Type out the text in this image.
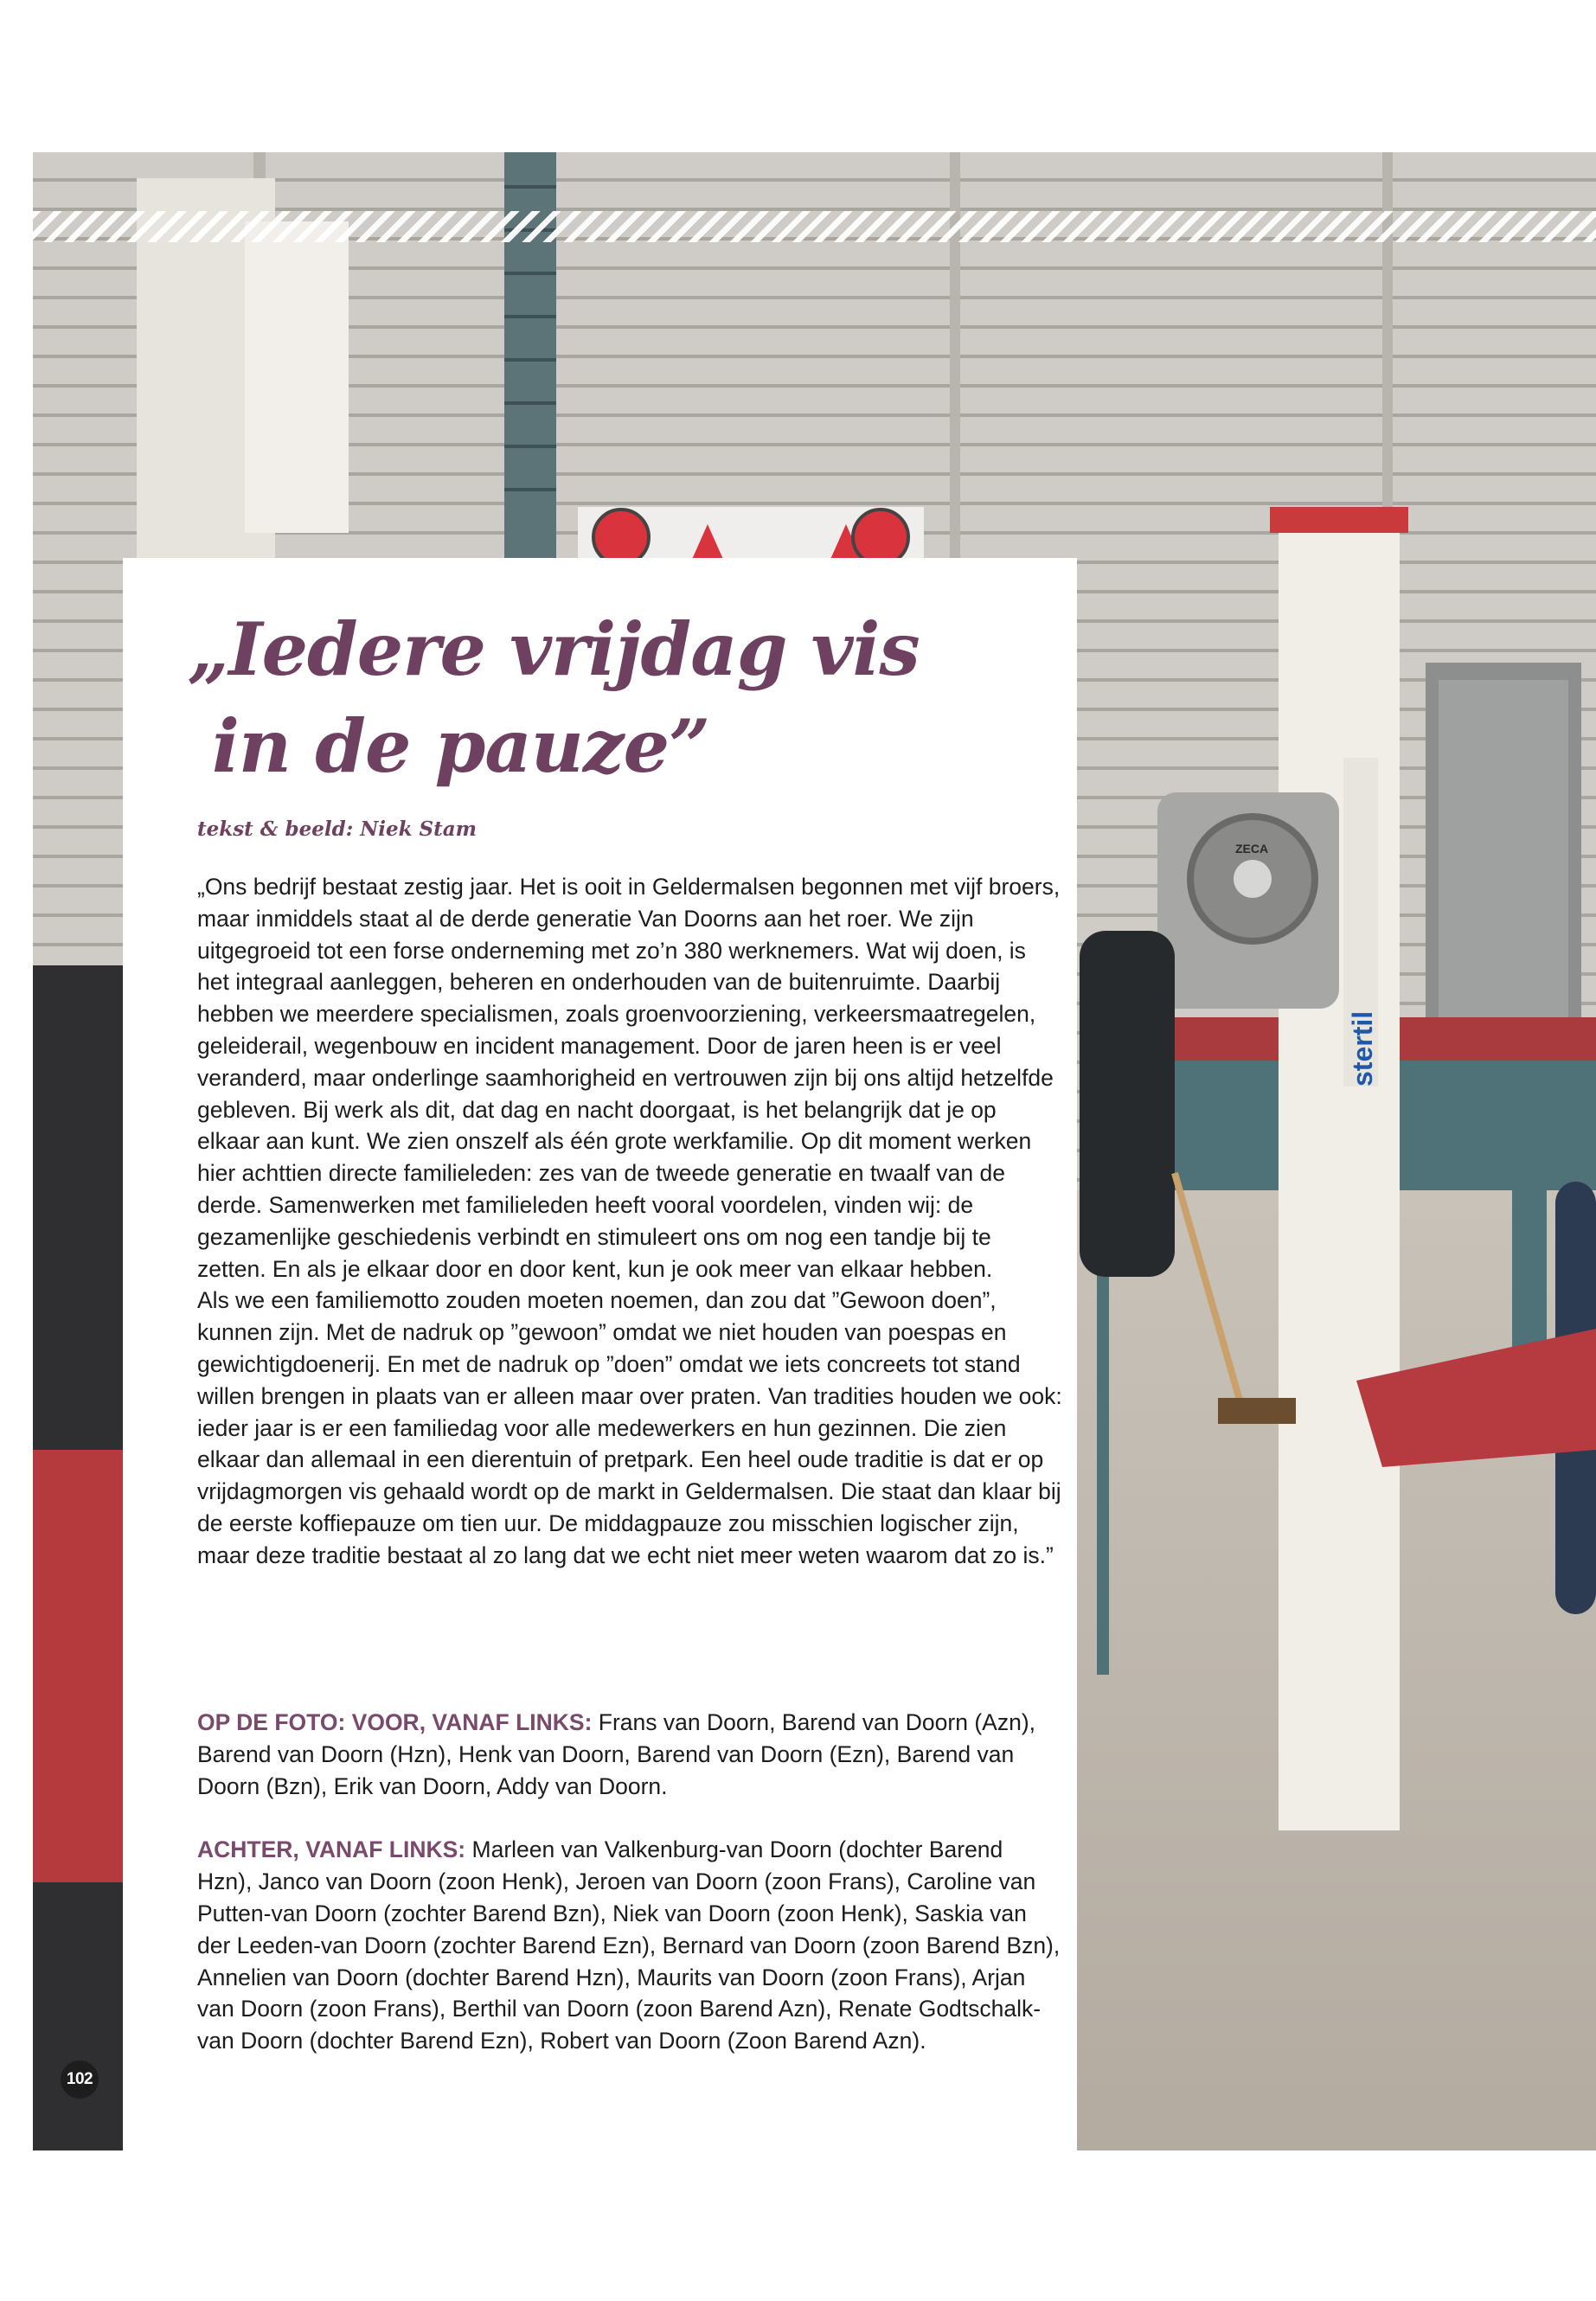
stertil
ZECA
„Iedere vrijdag vis
in de pauze”

tekst & beeld: Niek Stam

„Ons bedrijf bestaat zestig jaar. Het is ooit in Geldermalsen begonnen met vijf broers, maar inmiddels staat al de derde generatie Van Doorns aan het roer. We zijn uitgegroeid tot een forse onderneming met zo’n 380 werknemers. Wat wij doen, is het integraal aanleggen, beheren en onderhouden van de buitenruimte. Daarbij hebben we meerdere specialismen, zoals groenvoorziening, verkeersmaatregelen, geleiderail, wegenbouw en incident management. Door de jaren heen is er veel veranderd, maar onderlinge saamhorigheid en vertrouwen zijn bij ons altijd hetzelfde gebleven. Bij werk als dit, dat dag en nacht doorgaat, is het belangrijk dat je op elkaar aan kunt. We zien onszelf als één grote werkfamilie. Op dit moment werken hier achttien directe familieleden: zes van de tweede generatie en twaalf van de derde. Samenwerken met familieleden heeft vooral voordelen, vinden wij: de gezamenlijke geschiedenis verbindt en stimuleert ons om nog een tandje bij te zetten. En als je elkaar door en door kent, kun je ook meer van elkaar hebben.

Als we een familiemotto zouden moeten noemen, dan zou dat ”Gewoon doen”, kunnen zijn. Met de nadruk op ”gewoon” omdat we niet houden van poespas en gewichtigdoenerij. En met de nadruk op ”doen” omdat we iets concreets tot stand willen brengen in plaats van er alleen maar over praten. Van tradities houden we ook: ieder jaar is er een familiedag voor alle medewerkers en hun gezinnen. Die zien elkaar dan allemaal in een dierentuin of pretpark. Een heel oude traditie is dat er op vrijdagmorgen vis gehaald wordt op de markt in Geldermalsen. Die staat dan klaar bij de eerste koffiepauze om tien uur. De middagpauze zou misschien logischer zijn, maar deze traditie bestaat al zo lang dat we echt niet meer weten waarom dat zo is.”

OP DE FOTO: VOOR, VANAF LINKS: Frans van Doorn, Barend van Doorn (Azn), Barend van Doorn (Hzn), Henk van Doorn, Barend van Doorn (Ezn), Barend van Doorn (Bzn), Erik van Doorn, Addy van Doorn.

ACHTER, VANAF LINKS: Marleen van Valkenburg-van Doorn (dochter Barend Hzn), Janco van Doorn (zoon Henk), Jeroen van Doorn (zoon Frans), Caroline van Putten-van Doorn (zochter Barend Bzn), Niek van Doorn (zoon Henk), Saskia van der Leeden-van Doorn (zochter Barend Ezn), Bernard van Doorn (zoon Barend Bzn), Annelien van Doorn (dochter Barend Hzn), Maurits van Doorn (zoon Frans), Arjan van Doorn (zoon Frans), Berthil van Doorn (zoon Barend Azn), Renate Godtschalk-van Doorn (dochter Barend Ezn), Robert van Doorn (Zoon Barend Azn).

102
